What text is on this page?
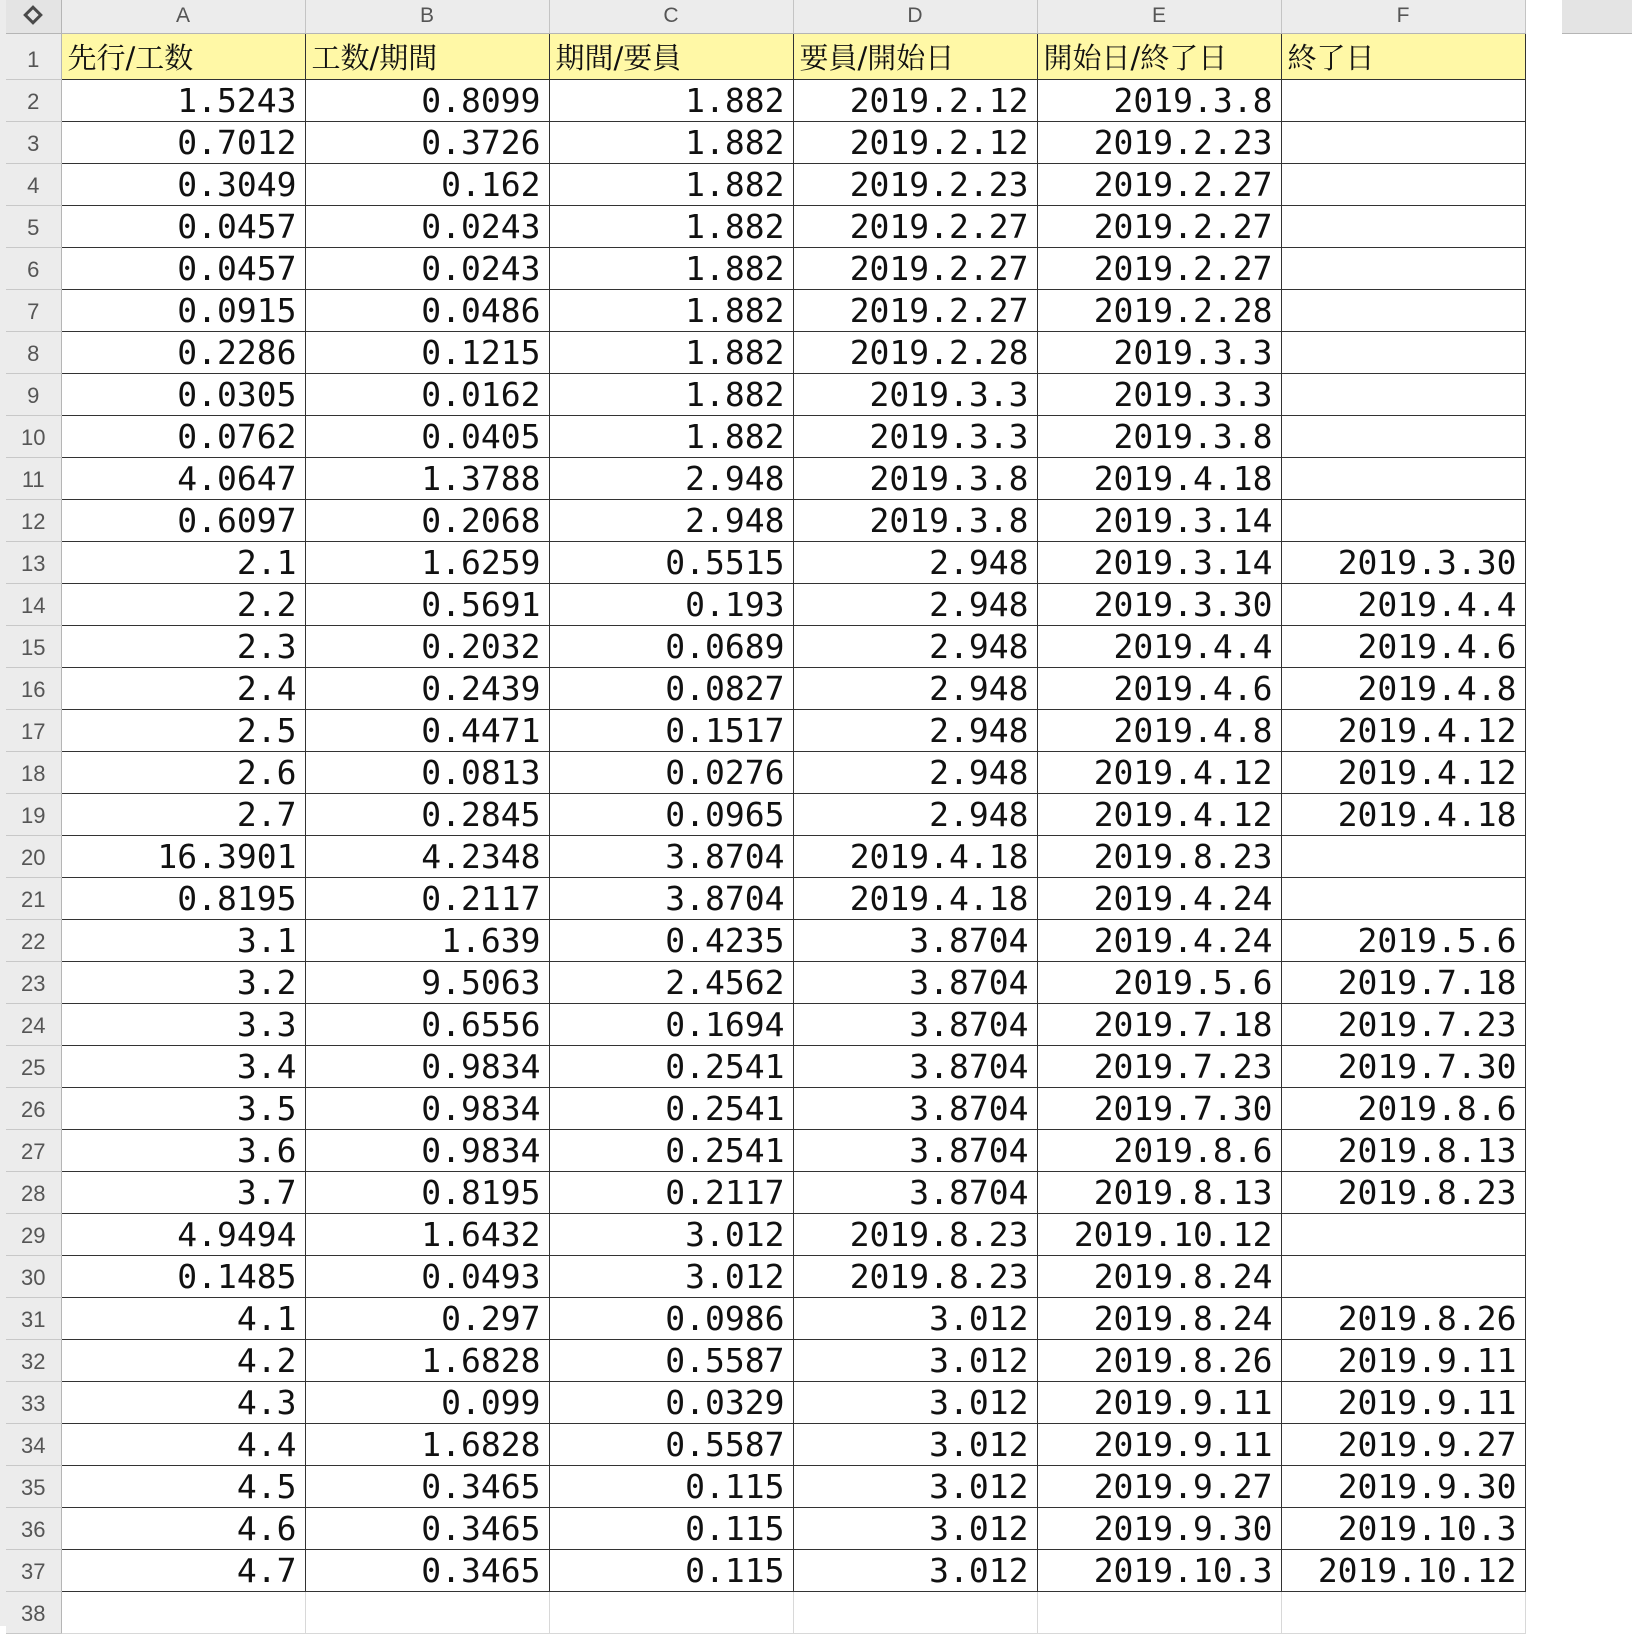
	A	B	C	D	E	F
1	先行/工数	工数/期間	期間/要員	要員/開始日	開始日/終了日	終了日
2	1.5243	0.8099	1.882	2019.2.12	2019.3.8	
3	0.7012	0.3726	1.882	2019.2.12	2019.2.23	
4	0.3049	0.162	1.882	2019.2.23	2019.2.27	
5	0.0457	0.0243	1.882	2019.2.27	2019.2.27	
6	0.0457	0.0243	1.882	2019.2.27	2019.2.27	
7	0.0915	0.0486	1.882	2019.2.27	2019.2.28	
8	0.2286	0.1215	1.882	2019.2.28	2019.3.3	
9	0.0305	0.0162	1.882	2019.3.3	2019.3.3	
10	0.0762	0.0405	1.882	2019.3.3	2019.3.8	
11	4.0647	1.3788	2.948	2019.3.8	2019.4.18	
12	0.6097	0.2068	2.948	2019.3.8	2019.3.14	
13	2.1	1.6259	0.5515	2.948	2019.3.14	2019.3.30
14	2.2	0.5691	0.193	2.948	2019.3.30	2019.4.4
15	2.3	0.2032	0.0689	2.948	2019.4.4	2019.4.6
16	2.4	0.2439	0.0827	2.948	2019.4.6	2019.4.8
17	2.5	0.4471	0.1517	2.948	2019.4.8	2019.4.12
18	2.6	0.0813	0.0276	2.948	2019.4.12	2019.4.12
19	2.7	0.2845	0.0965	2.948	2019.4.12	2019.4.18
20	16.3901	4.2348	3.8704	2019.4.18	2019.8.23	
21	0.8195	0.2117	3.8704	2019.4.18	2019.4.24	
22	3.1	1.639	0.4235	3.8704	2019.4.24	2019.5.6
23	3.2	9.5063	2.4562	3.8704	2019.5.6	2019.7.18
24	3.3	0.6556	0.1694	3.8704	2019.7.18	2019.7.23
25	3.4	0.9834	0.2541	3.8704	2019.7.23	2019.7.30
26	3.5	0.9834	0.2541	3.8704	2019.7.30	2019.8.6
27	3.6	0.9834	0.2541	3.8704	2019.8.6	2019.8.13
28	3.7	0.8195	0.2117	3.8704	2019.8.13	2019.8.23
29	4.9494	1.6432	3.012	2019.8.23	2019.10.12	
30	0.1485	0.0493	3.012	2019.8.23	2019.8.24	
31	4.1	0.297	0.0986	3.012	2019.8.24	2019.8.26
32	4.2	1.6828	0.5587	3.012	2019.8.26	2019.9.11
33	4.3	0.099	0.0329	3.012	2019.9.11	2019.9.11
34	4.4	1.6828	0.5587	3.012	2019.9.11	2019.9.27
35	4.5	0.3465	0.115	3.012	2019.9.27	2019.9.30
36	4.6	0.3465	0.115	3.012	2019.9.30	2019.10.3
37	4.7	0.3465	0.115	3.012	2019.10.3	2019.10.12
38						
